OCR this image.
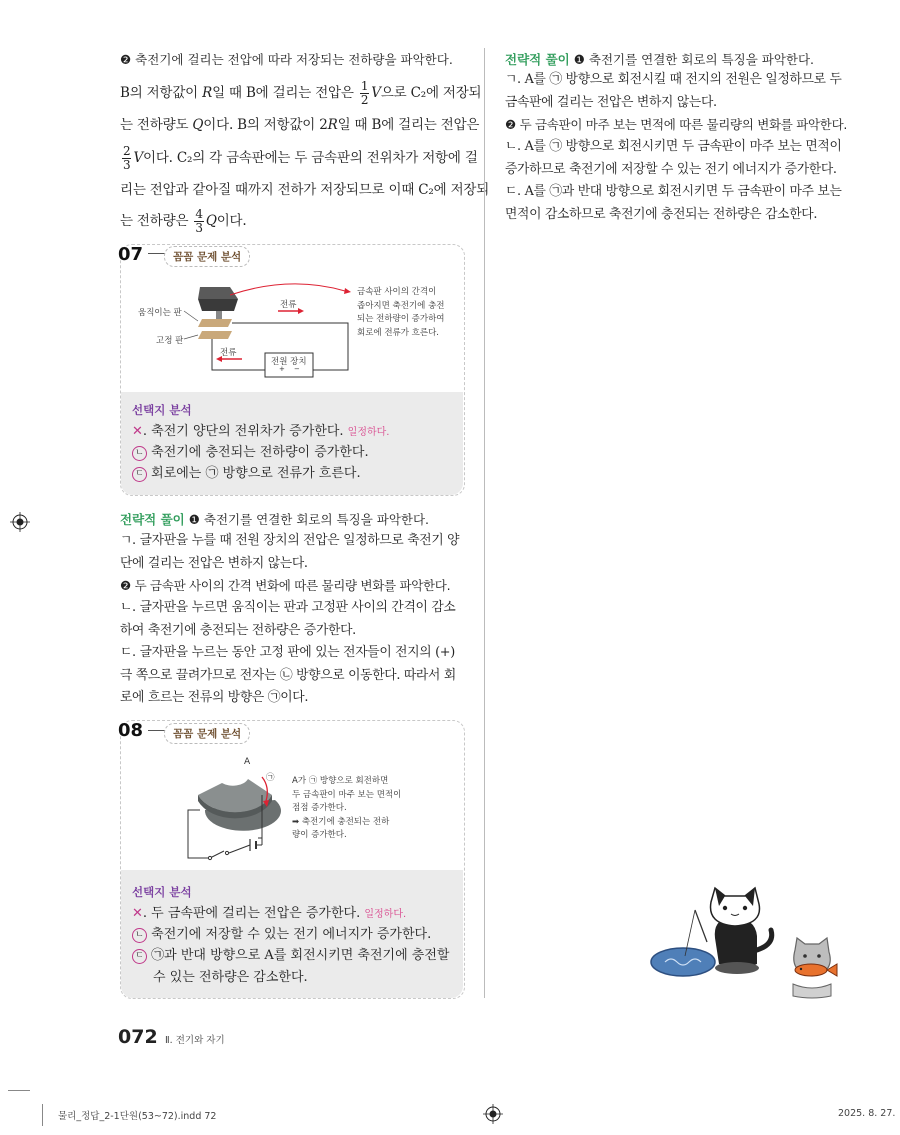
❷ 축전기에 걸리는 전압에 따라 저장되는 전하량을 파악한다.
B의 저항값이 R일 때 B에 걸리는 전압은 $\frac{1}{2}$ V으로 C₂에 저장되
는 전하량도 Q이다. B의 저항값이 2R일 때 B에 걸리는 전압은
$\frac{2}{3}$ V이다. C₂의 각 금속판에는 두 금속판의 전위차가 저항에 걸
리는 전압과 같아질 때까지 전하가 저장되므로 이때 C₂에 저장되
는 전하량은 $\frac{4}{3}$ Q이다.
07	꼼꼼 문제 분석
움직이는 판
고정 판
전류
전류
전원 장치
+ −
금속판 사이의 간격이
좁아지면 축전기에 충전
되는 전하량이 증가하여
회로에 전류가 흐른다.
선택지 분석
✕. 축전기 양단의 전위차가 증가한다. 일정하다.
ㄴ 축전기에 충전되는 전하량이 증가한다.
ㄷ 회로에는 ㉠ 방향으로 전류가 흐른다.
전략적 풀이 ❶ 축전기를 연결한 회로의 특징을 파악한다.
ㄱ. 글자판을 누를 때 전원 장치의 전압은 일정하므로 축전기 양
단에 걸리는 전압은 변하지 않는다.
❷ 두 금속판 사이의 간격 변화에 따른 물리량 변화를 파악한다.
ㄴ. 글자판을 누르면 움직이는 판과 고정판 사이의 간격이 감소
하여 축전기에 충전되는 전하량은 증가한다.
ㄷ. 글자판을 누르는 동안 고정 판에 있는 전자들이 전지의 (+)
극 쪽으로 끌려가므로 전자는 ㉡ 방향으로 이동한다. 따라서 회
로에 흐르는 전류의 방향은 ㉠이다.
08	꼼꼼 문제 분석
A
㉠ A가 ㉠ 방향으로 회전하면
두 금속판이 마주 보는 면적이
점점 증가한다.
➡ 축전기에 충전되는 전하
량이 증가한다.
선택지 분석
✕. 두 금속판에 걸리는 전압은 증가한다. 일정하다.
ㄴ 축전기에 저장할 수 있는 전기 에너지가 증가한다.
ㄷ ㉠과 반대 방향으로 A를 회전시키면 축전기에 충전할
수 있는 전하량은 감소한다.
전략적 풀이 ❶ 축전기를 연결한 회로의 특징을 파악한다.
ㄱ. A를 ㉠ 방향으로 회전시킬 때 전지의 전원은 일정하므로 두
금속판에 걸리는 전압은 변하지 않는다.
❷ 두 금속판이 마주 보는 면적에 따른 물리량의 변화를 파악한다.
ㄴ. A를 ㉠ 방향으로 회전시키면 두 금속판이 마주 보는 면적이
증가하므로 축전기에 저장할 수 있는 전기 에너지가 증가한다.
ㄷ. A를 ㉠과 반대 방향으로 회전시키면 두 금속판이 마주 보는
면적이 감소하므로 축전기에 충전되는 전하량은 감소한다.
072 Ⅱ. 전기와 자기
물리_정답_2-1단원(53~72).indd 72	2025. 8. 27.
